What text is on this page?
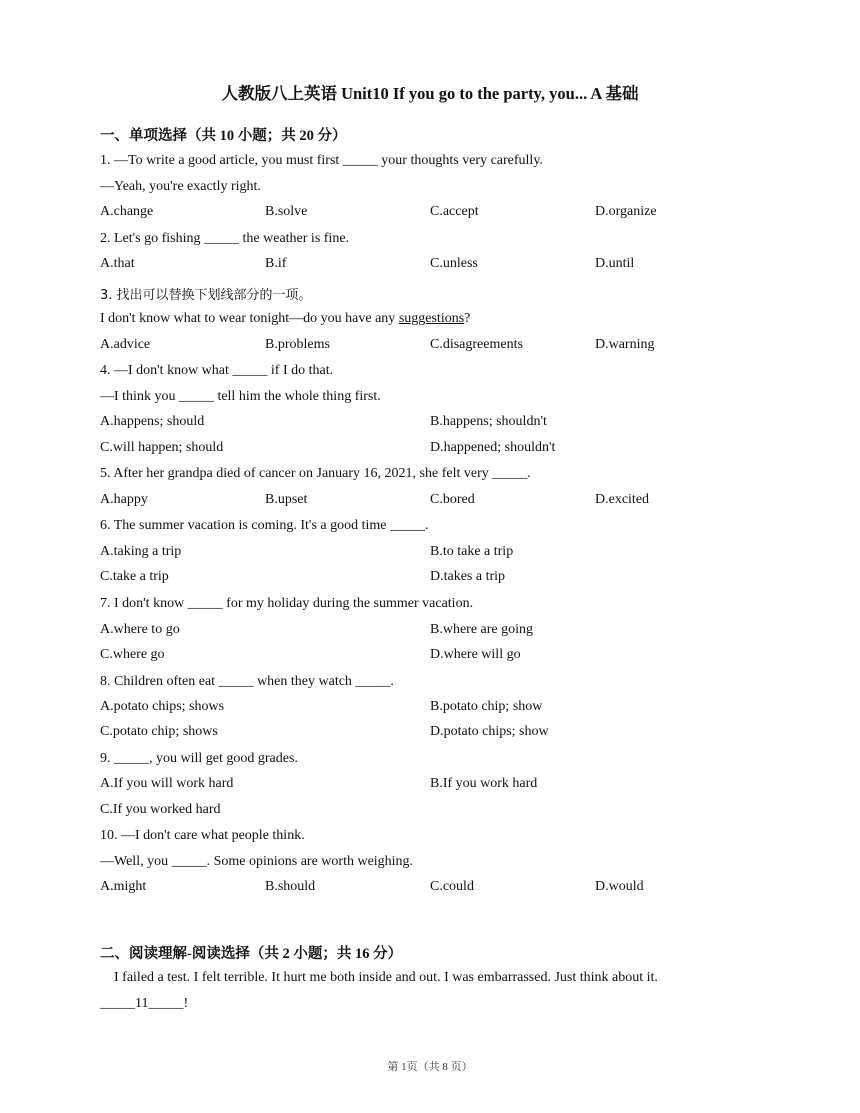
人教版八上英语 Unit10 If you go to the party, you... A 基础
一、单项选择（共 10 小题；共 20 分）
1. —To write a good article, you must first _____ your thoughts very carefully.
—Yeah, you're exactly right.
A.change	B.solve	C.accept	D.organize
2. Let's go fishing _____ the weather is fine.
A.that	B.if	C.unless	D.until
3. 找出可以替换下划线部分的一项。
I don't know what to wear tonight—do you have any suggestions?
A.advice	B.problems	C.disagreements	D.warning
4. —I don't know what _____ if I do that.
—I think you _____ tell him the whole thing first.
A.happens; should	B.happens; shouldn't
C.will happen; should	D.happened; shouldn't
5. After her grandpa died of cancer on January 16, 2021, she felt very _____.
A.happy	B.upset	C.bored	D.excited
6. The summer vacation is coming. It's a good time _____.
A.taking a trip	B.to take a trip
C.take a trip	D.takes a trip
7. I don't know _____ for my holiday during the summer vacation.
A.where to go	B.where are going
C.where go	D.where will go
8. Children often eat _____ when they watch _____.
A.potato chips; shows	B.potato chip; show
C.potato chip; shows	D.potato chips; show
9. _____, you will get good grades.
A.If you will work hard	B.If you work hard
C.If you worked hard
10. —I don't care what people think.
—Well, you _____. Some opinions are worth weighing.
A.might	B.should	C.could	D.would
二、阅读理解-阅读选择（共 2 小题；共 16 分）
I failed a test. I felt terrible. It hurt me both inside and out. I was embarrassed. Just think about it.
_____11_____!
第 1页（共 8 页）
